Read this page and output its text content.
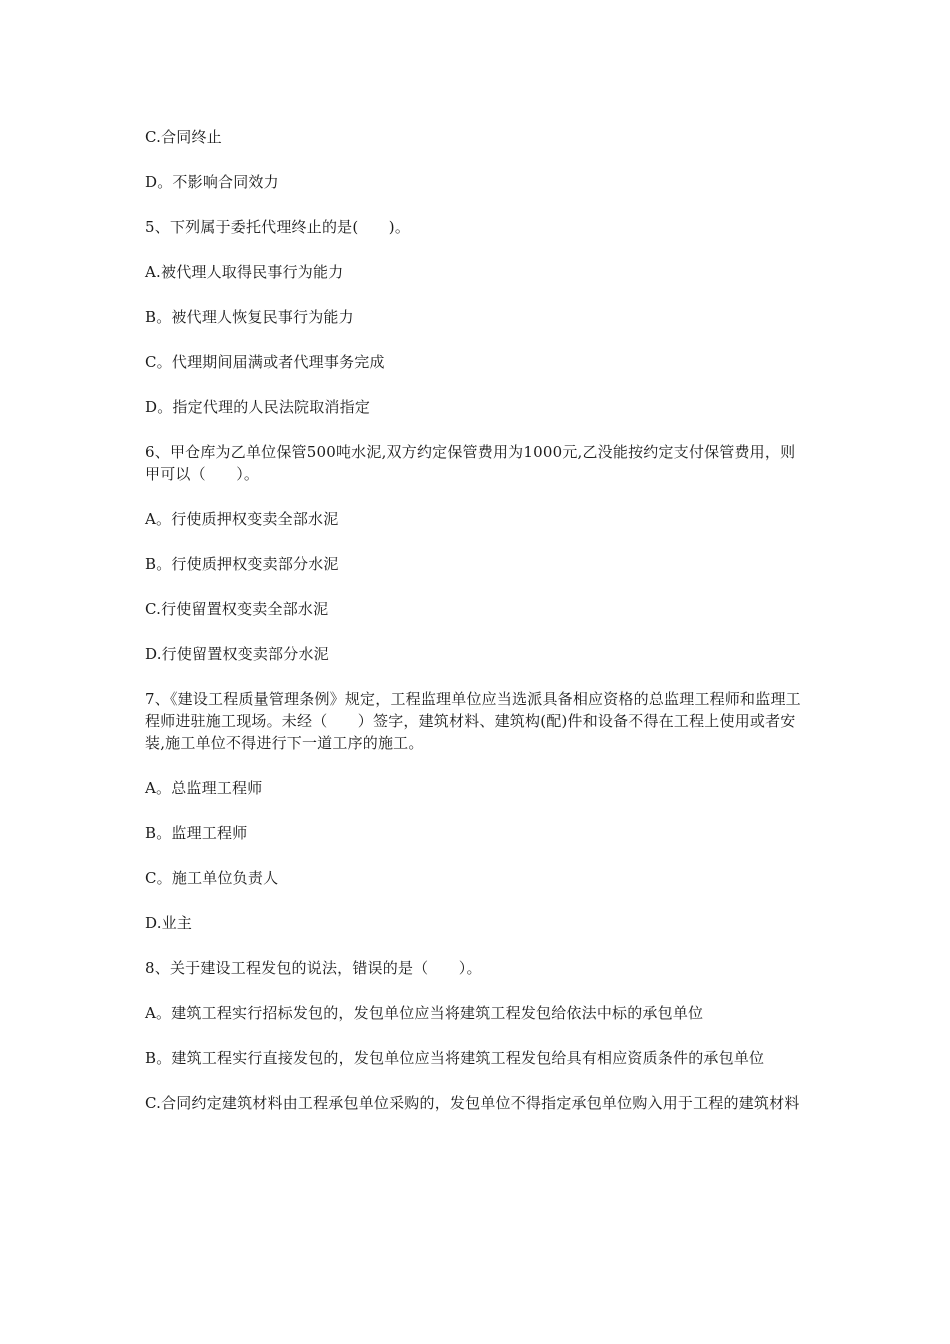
C.合同终止

D。不影响合同效力

5、下列属于委托代理终止的是(　　)。

A.被代理人取得民事行为能力

B。被代理人恢复民事行为能力

C。代理期间届满或者代理事务完成

D。指定代理的人民法院取消指定

6、甲仓库为乙单位保管500吨水泥,双方约定保管费用为1000元,乙没能按约定支付保管费用，则甲可以（　　）。

A。行使质押权变卖全部水泥

B。行使质押权变卖部分水泥

C.行使留置权变卖全部水泥

D.行使留置权变卖部分水泥

7、《建设工程质量管理条例》规定，工程监理单位应当选派具备相应资格的总监理工程师和监理工程师进驻施工现场。未经（　　）签字，建筑材料、建筑构(配)件和设备不得在工程上使用或者安装,施工单位不得进行下一道工序的施工。

A。总监理工程师

B。监理工程师

C。施工单位负责人

D.业主

8、关于建设工程发包的说法，错误的是（　　）。

A。建筑工程实行招标发包的，发包单位应当将建筑工程发包给依法中标的承包单位

B。建筑工程实行直接发包的，发包单位应当将建筑工程发包给具有相应资质条件的承包单位

C.合同约定建筑材料由工程承包单位采购的，发包单位不得指定承包单位购入用于工程的建筑材料
